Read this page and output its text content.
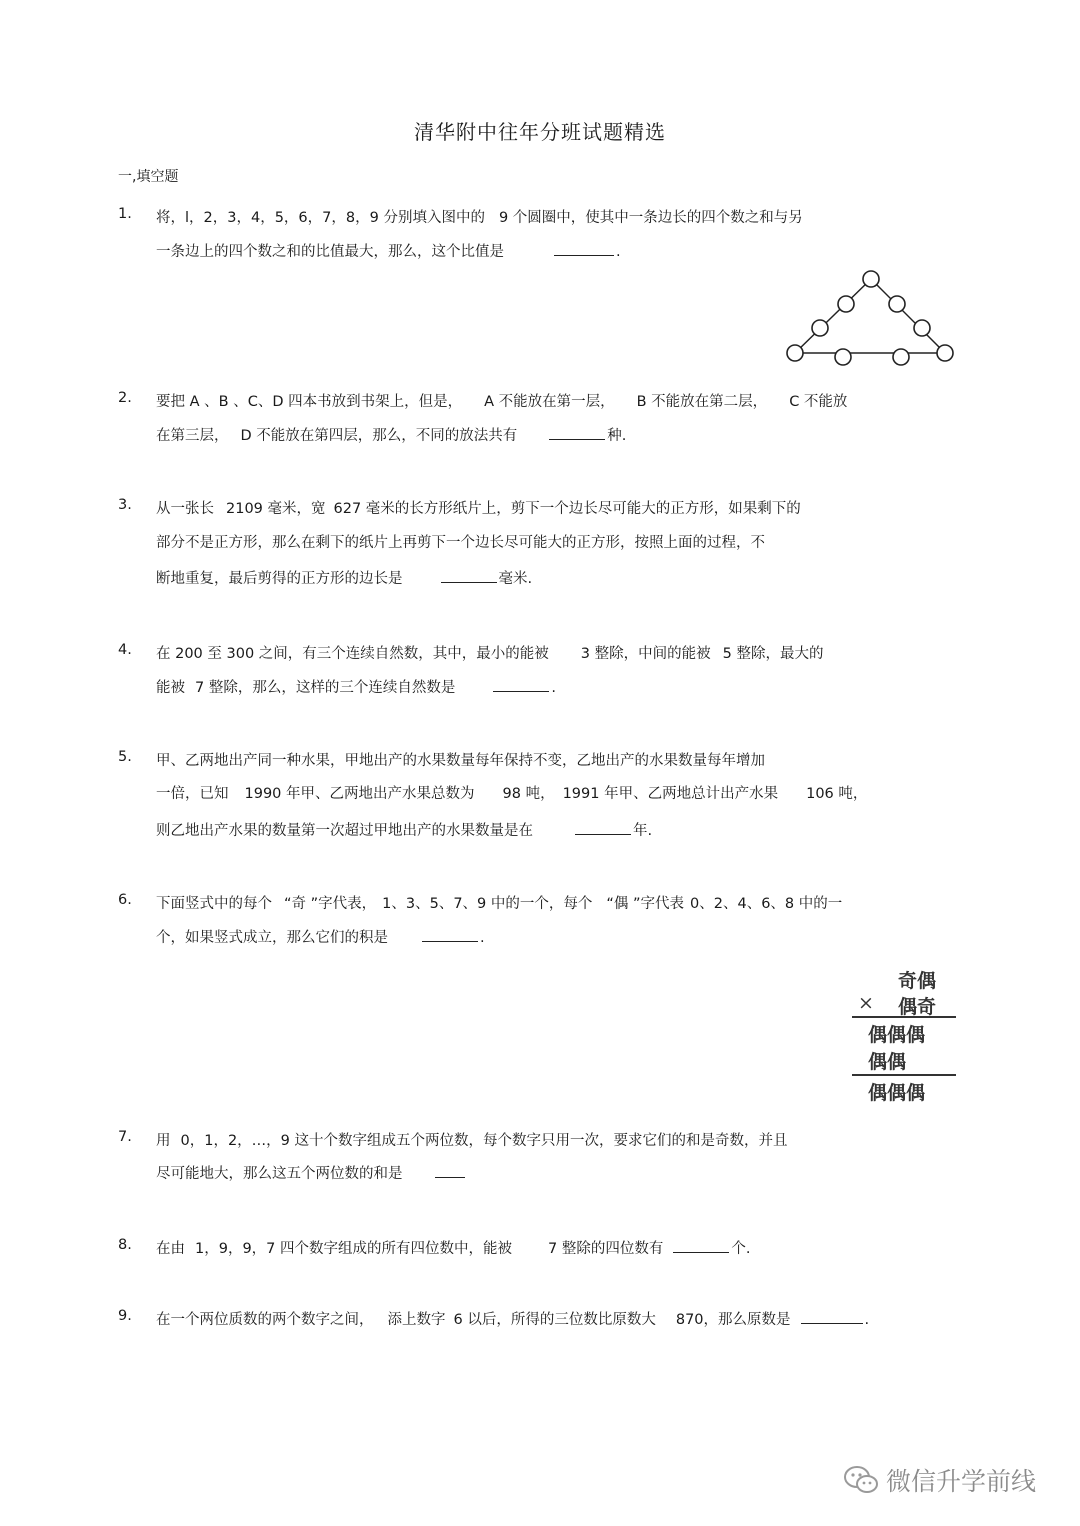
清华附中往年分班试题精选
一,填空题
1.	将，l，2，3，4，5，6，7，8，9 分别填入图中的 9 个圆圈中，使其中一条边长的四个数之和与另
一条边上的四个数之和的比值最大，那么，这个比值是	.
2.	要把 A 、B 、C、D 四本书放到书架上，但是， A 不能放在第一层， B 不能放在第二层， C 不能放
在第三层， D 不能放在第四层，那么，不同的放法共有	种.
3.	从一张长 2109 毫米，宽 627 毫米的长方形纸片上，剪下一个边长尽可能大的正方形，如果剩下的
部分不是正方形，那么在剩下的纸片上再剪下一个边长尽可能大的正方形，按照上面的过程，不
断地重复，最后剪得的正方形的边长是	毫米.
4.	在 200 至 300 之间，有三个连续自然数，其中，最小的能被 3 整除，中间的能被 5 整除，最大的
能被 7 整除，那么，这样的三个连续自然数是	.
5.	甲、乙两地出产同一种水果，甲地出产的水果数量每年保持不变，乙地出产的水果数量每年增加
一倍，已知 1990 年甲、乙两地出产水果总数为 98 吨， 1991 年甲、乙两地总计出产水果 106 吨，
则乙地出产水果的数量第一次超过甲地出产的水果数量是在	年.
6.	下面竖式中的每个 “奇 ”字代表， 1、3、5、7、9 中的一个，每个 “偶 ”字代表 0、2、4、6、8 中的一
个，如果竖式成立，那么它们的积是	.
奇偶
× 偶奇
偶偶偶
偶偶
偶偶偶
7.	用 0，1，2，…，9 这十个数字组成五个两位数，每个数字只用一次，要求它们的和是奇数，并且
尽可能地大，那么这五个两位数的和是
8.	在由 1，9，9，7 四个数字组成的所有四位数中，能被 7 整除的四位数有	个.
9.	在一个两位质数的两个数字之间， 添上数字 6 以后，所得的三位数比原数大 870，那么原数是	.
微信升学前线
